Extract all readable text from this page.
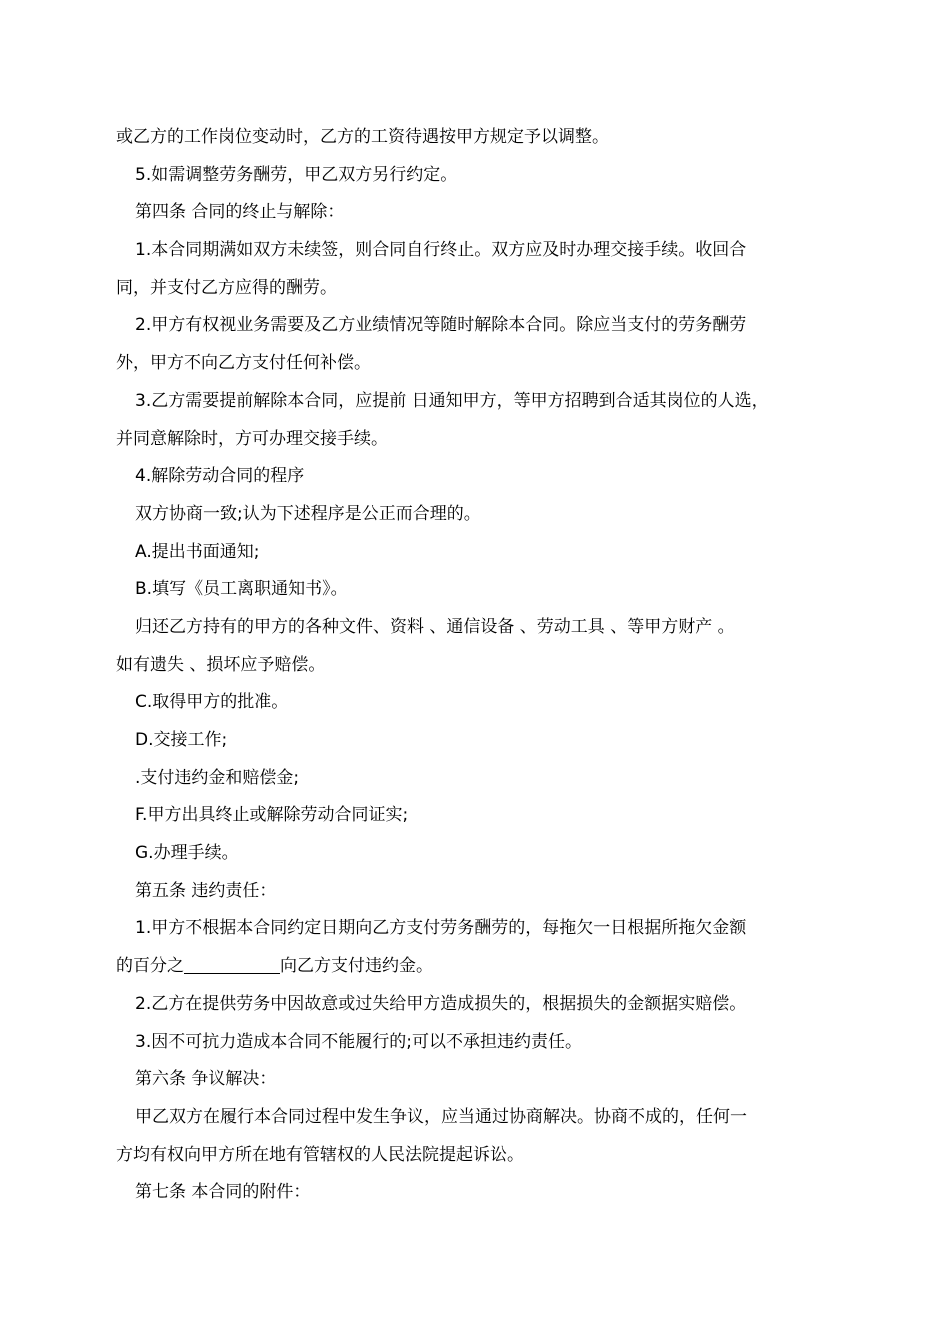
或乙方的工作岗位变动时，乙方的工资待遇按甲方规定予以调整。
5.如需调整劳务酬劳，甲乙双方另行约定。
第四条 合同的终止与解除：
1.本合同期满如双方未续签，则合同自行终止。双方应及时办理交接手续。收回合
同，并支付乙方应得的酬劳。
2.甲方有权视业务需要及乙方业绩情况等随时解除本合同。除应当支付的劳务酬劳
外，甲方不向乙方支付任何补偿。
3.乙方需要提前解除本合同，应提前 日通知甲方，等甲方招聘到合适其岗位的人选，
并同意解除时，方可办理交接手续。
4.解除劳动合同的程序
双方协商一致;认为下述程序是公正而合理的。
A.提出书面通知;
B.填写《员工离职通知书》。
归还乙方持有的甲方的各种文件、资料 、通信设备 、劳动工具 、等甲方财产 。
如有遗失 、损坏应予赔偿。
C.取得甲方的批准。
D.交接工作;
.支付违约金和赔偿金;
F.甲方出具终止或解除劳动合同证实;
G.办理手续。
第五条 违约责任：
1.甲方不根据本合同约定日期向乙方支付劳务酬劳的，每拖欠一日根据所拖欠金额
的百分之	向乙方支付违约金。
2.乙方在提供劳务中因故意或过失给甲方造成损失的，根据损失的金额据实赔偿。
3.因不可抗力造成本合同不能履行的;可以不承担违约责任。
第六条 争议解决：
甲乙双方在履行本合同过程中发生争议，应当通过协商解决。协商不成的，任何一
方均有权向甲方所在地有管辖权的人民法院提起诉讼。
第七条 本合同的附件：
